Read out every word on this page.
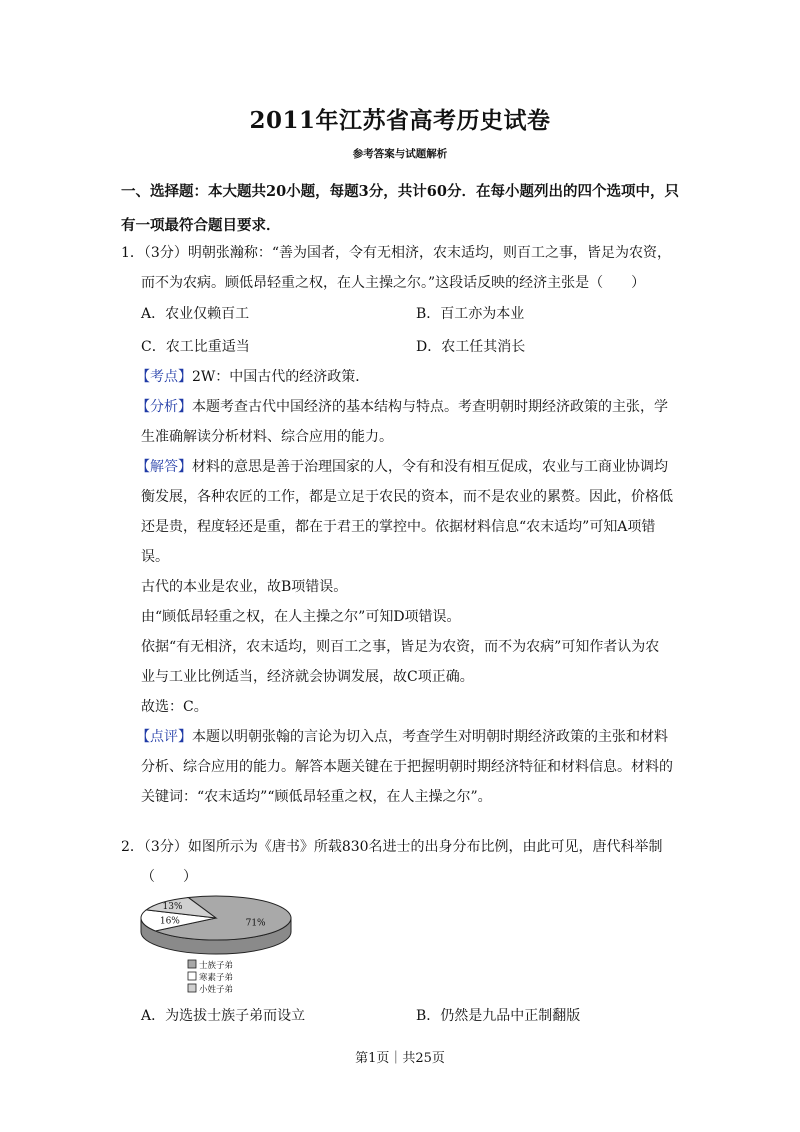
2011年江苏省高考历史试卷
参考答案与试题解析
一、选择题：本大题共20小题，每题3分，共计60分．在每小题列出的四个选项中，只有一项最符合题目要求．

1．（3分）明朝张瀚称：“善为国者，令有无相济，农末适均，则百工之事，皆足为农资，

而不为农病。顾低昂轻重之权，在人主操之尔。”这段话反映的经济主张是（　　）

A．农业仅赖百工	B．百工亦为本业
C．农工比重适当	D．农工任其消长

【考点】2W：中国古代的经济政策．

【分析】本题考查古代中国经济的基本结构与特点。考查明朝时期经济政策的主张，学

生准确解读分析材料、综合应用的能力。

【解答】材料的意思是善于治理国家的人，令有和没有相互促成，农业与工商业协调均

衡发展，各种农匠的工作，都是立足于农民的资本，而不是农业的累赘。因此，价格低

还是贵，程度轻还是重，都在于君王的掌控中。依据材料信息“农末适均”可知A项错

误。

古代的本业是农业，故B项错误。

由“顾低昂轻重之权，在人主操之尔”可知D项错误。

依据“有无相济，农末适均，则百工之事，皆足为农资，而不为农病”可知作者认为农

业与工业比例适当，经济就会协调发展，故C项正确。

故选：C。

【点评】本题以明朝张翰的言论为切入点，考查学生对明朝时期经济政策的主张和材料

分析、综合应用的能力。解答本题关键在于把握明朝时期经济特征和材料信息。材料的

关键词：“农末适均”“顾低昂轻重之权，在人主操之尔”。

2．（3分）如图所示为《唐书》所载830名进士的出身分布比例，由此可见，唐代科举制

（　　）

71%
16%
13%
士族子弟
寒素子弟
小姓子弟
A．为选拔士族子弟而设立	B．仍然是九品中正制翻版
第1页｜共25页
